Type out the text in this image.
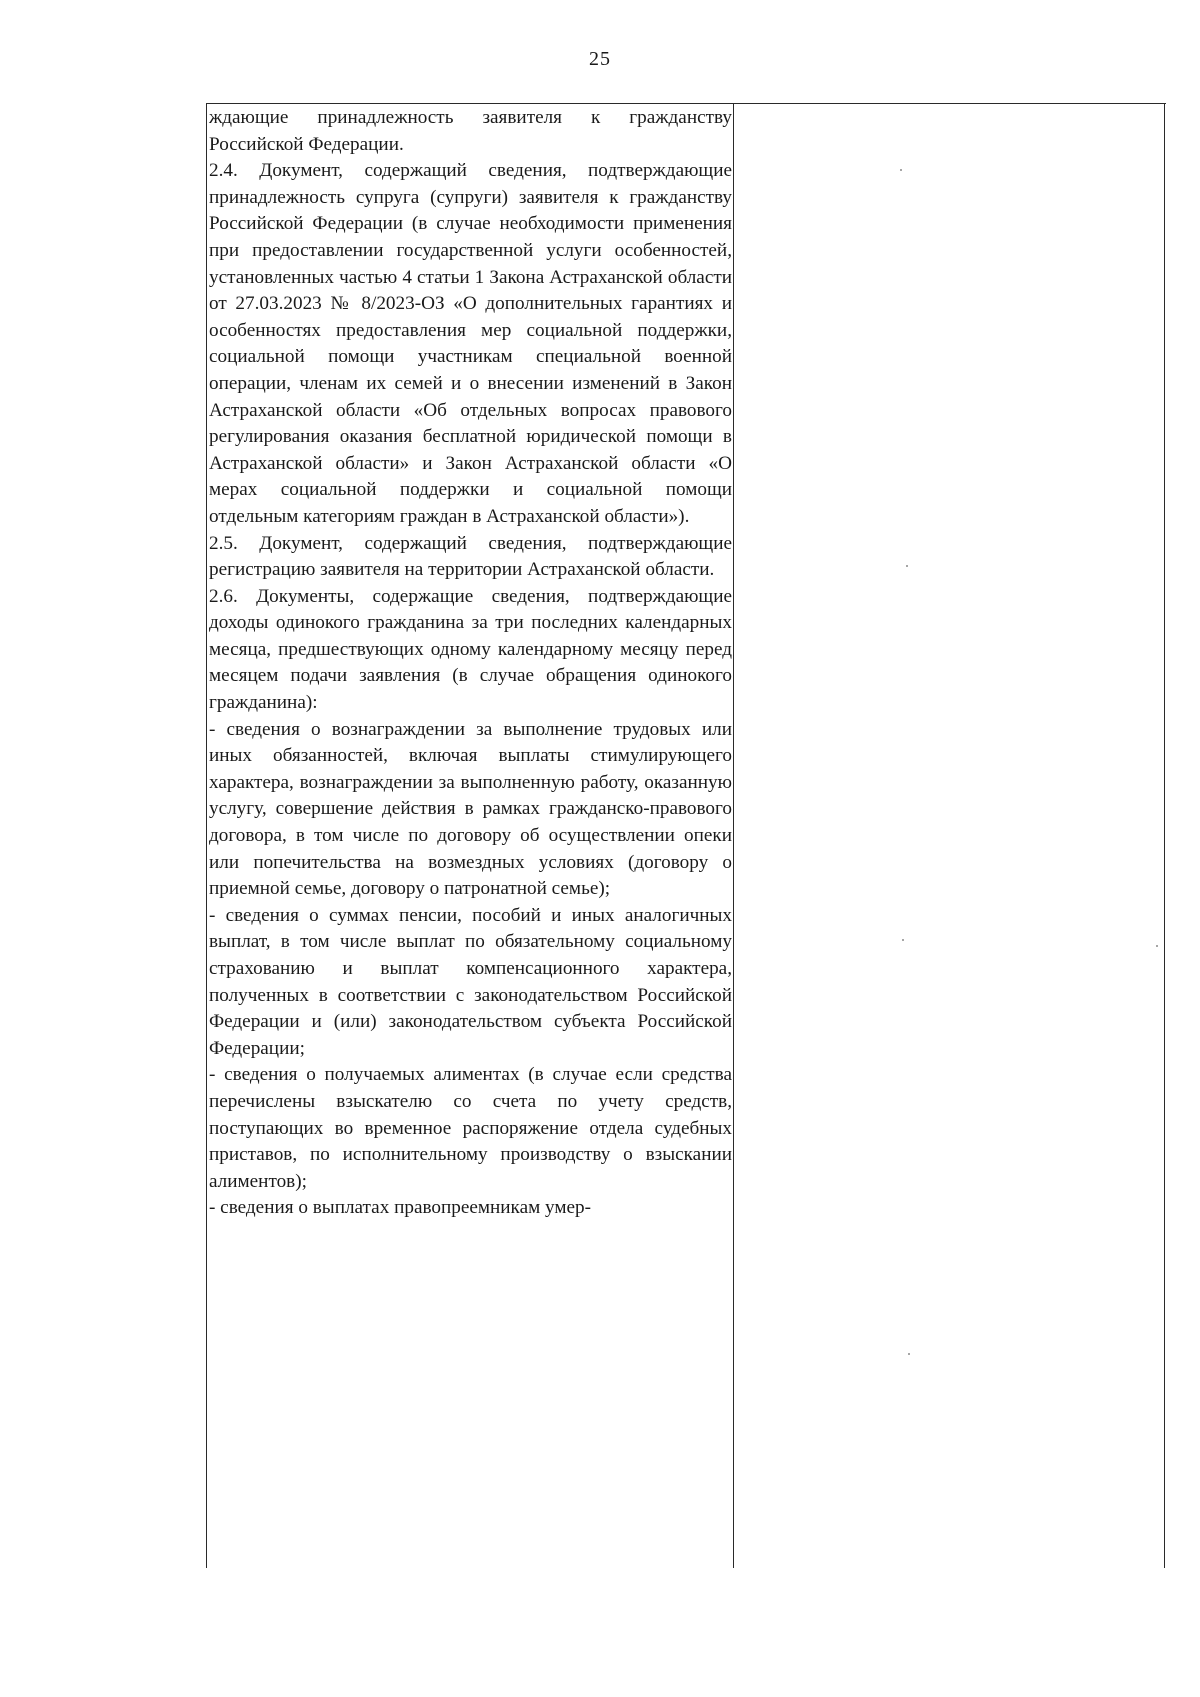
25

ждающие принадлежность заявителя к гражданству Российской Федерации.

2.4. Документ, содержащий сведения, подтверждающие принадлежность супруга (супруги) заявителя к гражданству Российской Федерации (в случае необходимости применения при предоставлении государственной услуги особенностей, установленных частью 4 статьи 1 Закона Астраханской области от 27.03.2023 № 8/2023-ОЗ «О дополнительных гарантиях и особенностях предоставления мер социальной поддержки, социальной помощи участникам специальной военной операции, членам их семей и о внесении изменений в Закон Астраханской области «Об отдельных вопросах правового регулирования оказания бесплатной юридической помощи в Астраханской области» и Закон Астраханской области «О мерах социальной поддержки и социальной помощи отдельным категориям граждан в Астраханской области»).

2.5. Документ, содержащий сведения, подтверждающие регистрацию заявителя на территории Астраханской области.

2.6. Документы, содержащие сведения, подтверждающие доходы одинокого гражданина за три последних календарных месяца, предшествующих одному календарному месяцу перед месяцем подачи заявления (в случае обращения одинокого гражданина):

- сведения о вознаграждении за выполнение трудовых или иных обязанностей, включая выплаты стимулирующего характера, вознаграждении за выполненную работу, оказанную услугу, совершение действия в рамках гражданско-правового договора, в том числе по договору об осуществлении опеки или попечительства на возмездных условиях (договору о приемной семье, договору о патронатной семье);

- сведения о суммах пенсии, пособий и иных аналогичных выплат, в том числе выплат по обязательному социальному страхованию и выплат компенсационного характера, полученных в соответствии с законодательством Российской Федерации и (или) законодательством субъекта Российской Федерации;

- сведения о получаемых алиментах (в случае если средства перечислены взыскателю со счета по учету средств, поступающих во временное распоряжение отдела судебных приставов, по исполнительному производству о взыскании алиментов);

- сведения о выплатах правопреемникам умер-
